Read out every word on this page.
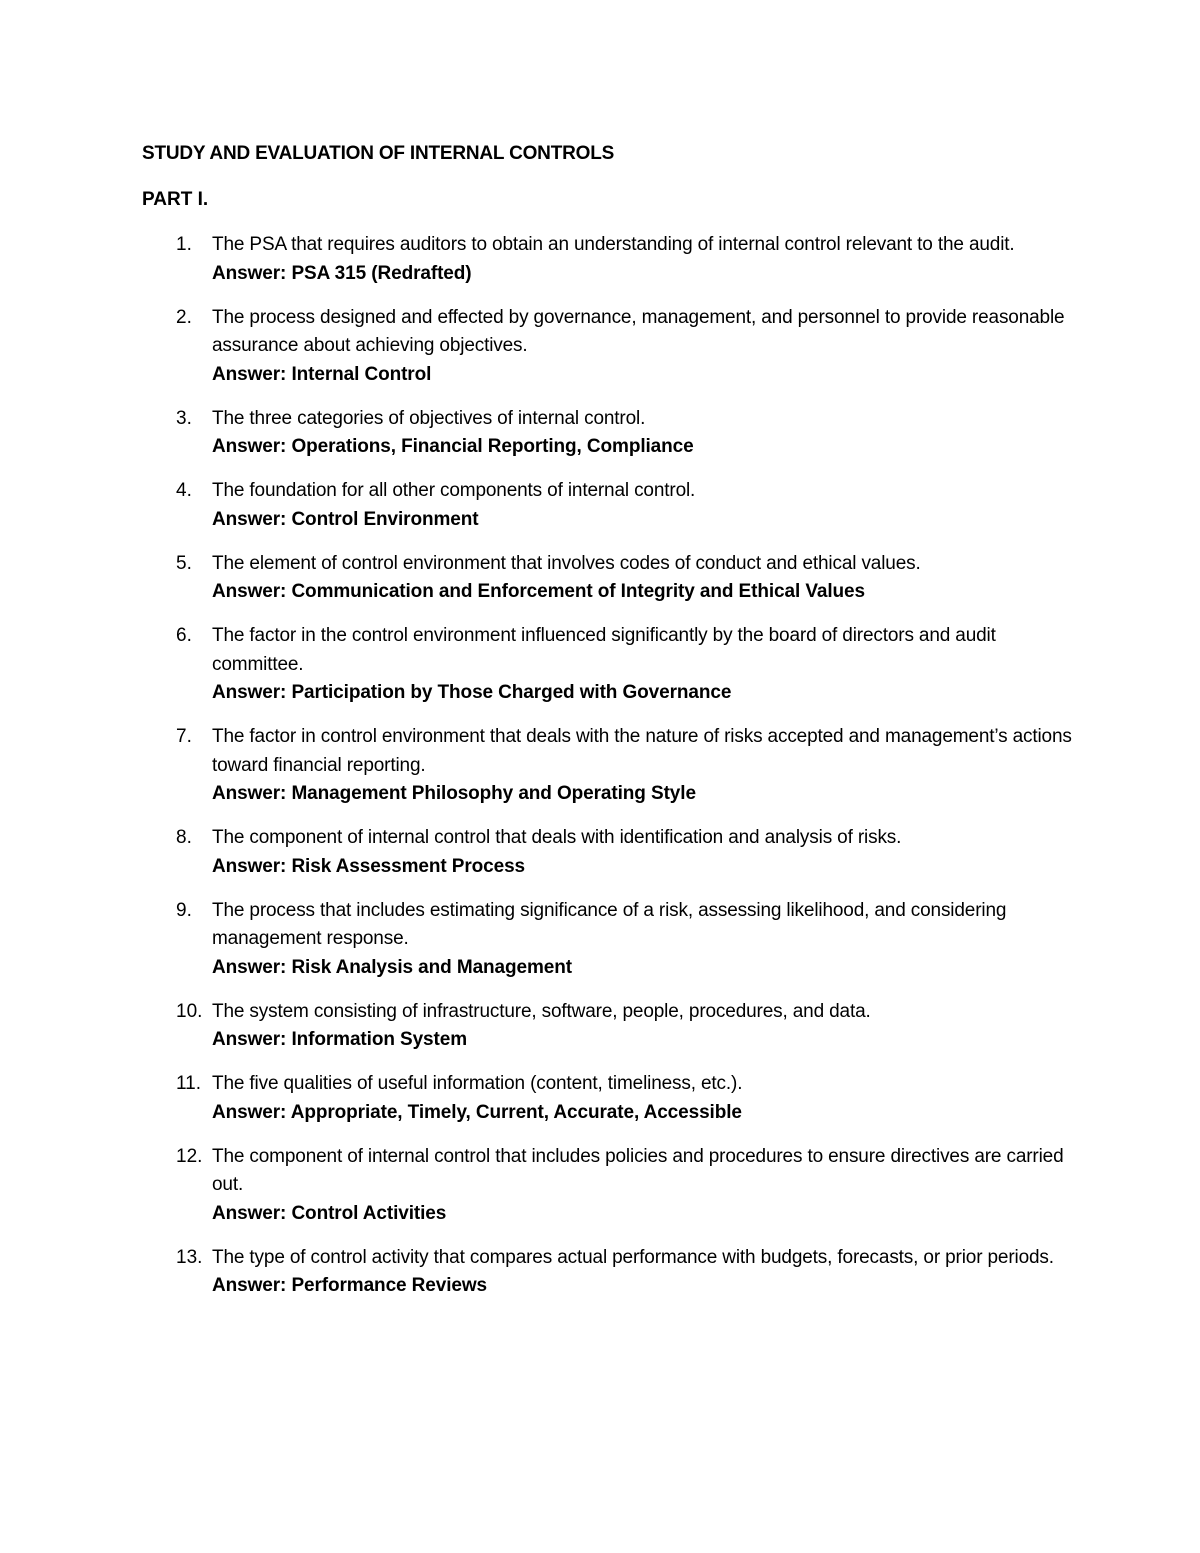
STUDY AND EVALUATION OF INTERNAL CONTROLS
PART I.
1.	The PSA that requires auditors to obtain an understanding of internal control relevant to the audit.
Answer: PSA 315 (Redrafted)
2.	The process designed and effected by governance, management, and personnel to provide reasonable assurance about achieving objectives.
Answer: Internal Control
3.	The three categories of objectives of internal control.
Answer: Operations, Financial Reporting, Compliance
4.	The foundation for all other components of internal control.
Answer: Control Environment
5.	The element of control environment that involves codes of conduct and ethical values.
Answer: Communication and Enforcement of Integrity and Ethical Values
6.	The factor in the control environment influenced significantly by the board of directors and audit committee.
Answer: Participation by Those Charged with Governance
7.	The factor in control environment that deals with the nature of risks accepted and management’s actions toward financial reporting.
Answer: Management Philosophy and Operating Style
8.	The component of internal control that deals with identification and analysis of risks.
Answer: Risk Assessment Process
9.	The process that includes estimating significance of a risk, assessing likelihood, and considering management response.
Answer: Risk Analysis and Management
10. The system consisting of infrastructure, software, people, procedures, and data.
Answer: Information System
11. The five qualities of useful information (content, timeliness, etc.).
Answer: Appropriate, Timely, Current, Accurate, Accessible
12. The component of internal control that includes policies and procedures to ensure directives are carried out.
Answer: Control Activities
13. The type of control activity that compares actual performance with budgets, forecasts, or prior periods.
Answer: Performance Reviews
